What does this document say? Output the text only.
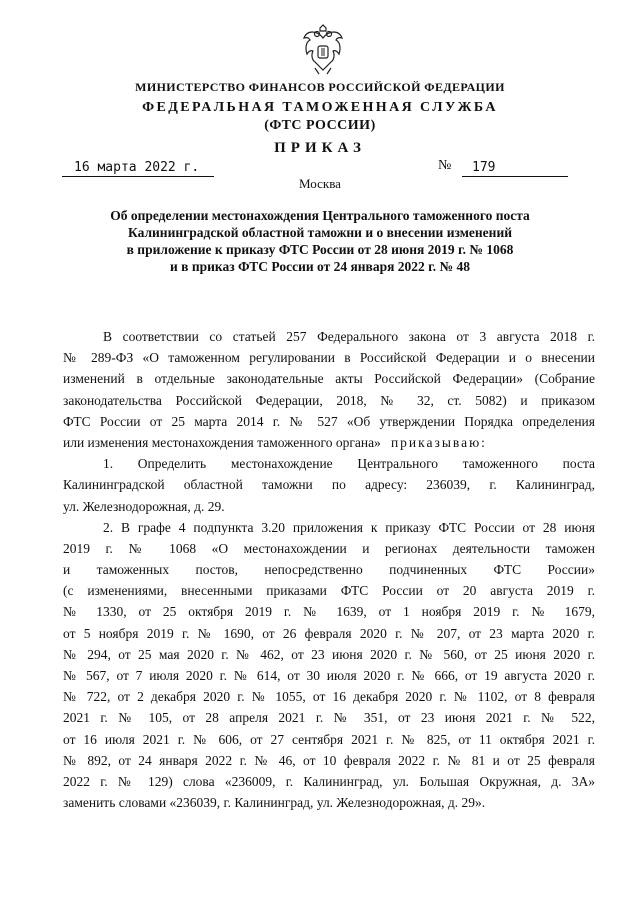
МИНИСТЕРСТВО ФИНАНСОВ РОССИЙСКОЙ ФЕДЕРАЦИИ
ФЕДЕРАЛЬНАЯ ТАМОЖЕННАЯ СЛУЖБА
(ФТС РОССИИ)
ПРИКАЗ
16 марта 2022 г.	№	179
Москва
Об определении местонахождения Центрального таможенного поста
Калининградской областной таможни и о внесении изменений
в приложение к приказу ФТС России от 28 июня 2019 г. № 1068
и в приказ ФТС России от 24 января 2022 г. № 48
В соответствии со статьей 257 Федерального закона от 3 августа 2018 г.
№ 289-ФЗ «О таможенном регулировании в Российской Федерации и о внесении
изменений в отдельные законодательные акты Российской Федерации» (Собрание
законодательства Российской Федерации, 2018, № 32, ст. 5082) и приказом
ФТС России от 25 марта 2014 г. № 527 «Об утверждении Порядка определения
или изменения местонахождения таможенного органа» приказываю:
1. Определить местонахождение Центрального таможенного поста
Калининградской областной таможни по адресу: 236039, г. Калининград,
ул. Железнодорожная, д. 29.
2. В графе 4 подпункта 3.20 приложения к приказу ФТС России от 28 июня
2019 г. № 1068 «О местонахождении и регионах деятельности таможен
и таможенных постов, непосредственно подчиненных ФТС России»
(с изменениями, внесенными приказами ФТС России от 20 августа 2019 г.
№ 1330, от 25 октября 2019 г. № 1639, от 1 ноября 2019 г. № 1679,
от 5 ноября 2019 г. № 1690, от 26 февраля 2020 г. № 207, от 23 марта 2020 г.
№ 294, от 25 мая 2020 г. № 462, от 23 июня 2020 г. № 560, от 25 июня 2020 г.
№ 567, от 7 июля 2020 г. № 614, от 30 июля 2020 г. № 666, от 19 августа 2020 г.
№ 722, от 2 декабря 2020 г. № 1055, от 16 декабря 2020 г. № 1102, от 8 февраля
2021 г. № 105, от 28 апреля 2021 г. № 351, от 23 июня 2021 г. № 522,
от 16 июля 2021 г. № 606, от 27 сентября 2021 г. № 825, от 11 октября 2021 г.
№ 892, от 24 января 2022 г. № 46, от 10 февраля 2022 г. № 81 и от 25 февраля
2022 г. № 129) слова «236009, г. Калининград, ул. Большая Окружная, д. 3А»
заменить словами «236039, г. Калининград, ул. Железнодорожная, д. 29».
